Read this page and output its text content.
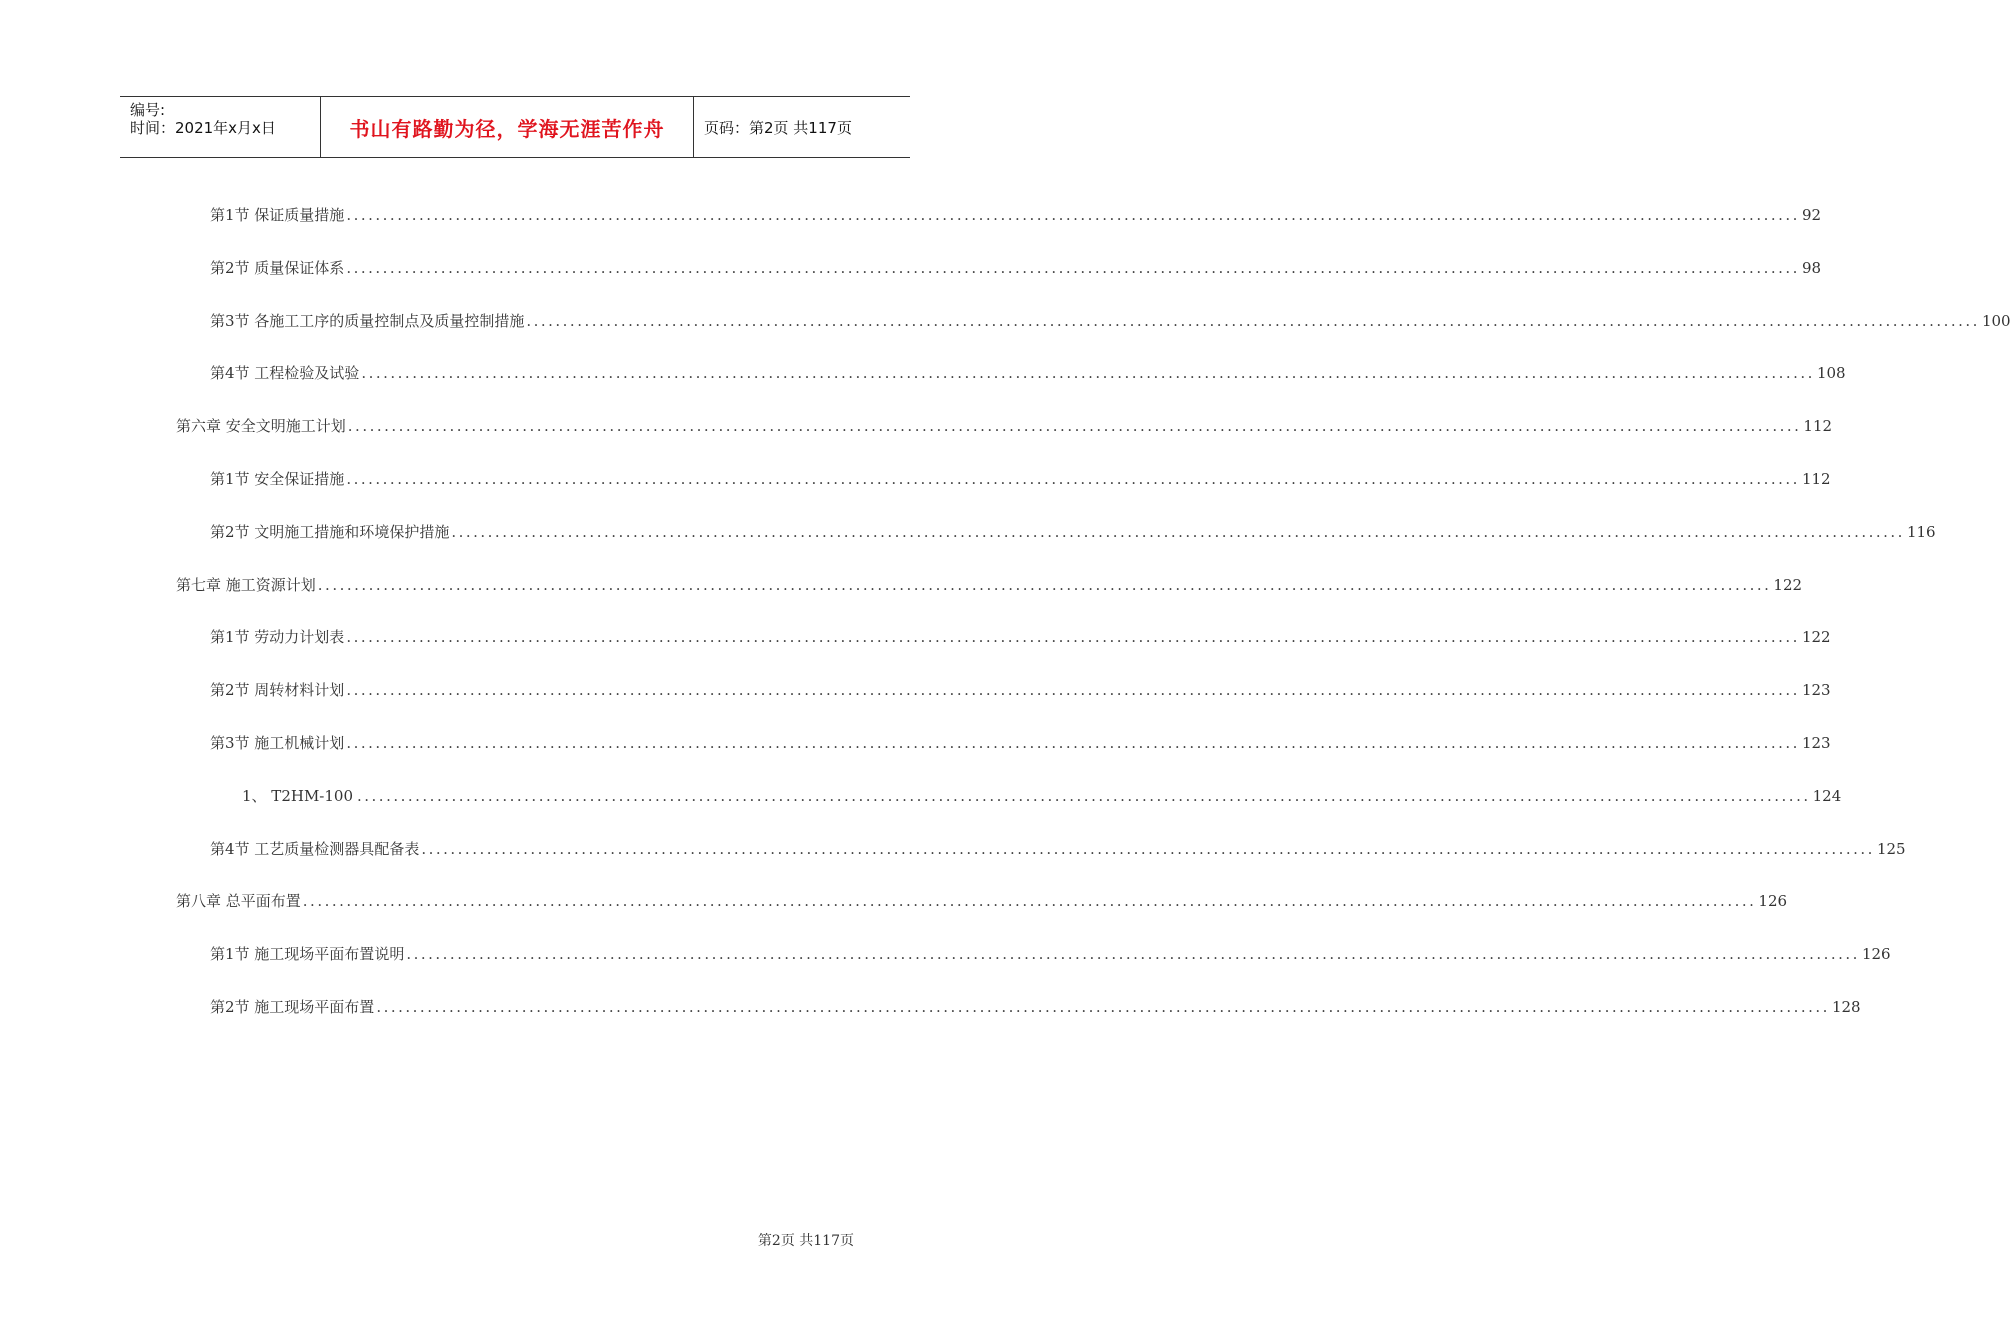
编号:
时间：2021年x月x日	书山有路勤为径，学海无涯苦作舟	页码：第2页 共117页
第1节 保证质量措施 ........................................................................................................................................................................................................ 92
第2节 质量保证体系 ........................................................................................................................................................................................................ 98
第3节 各施工工序的质量控制点及质量控制措施 ........................................................................................................................................................................................................ 100
第4节 工程检验及试验 ........................................................................................................................................................................................................ 108
第六章 安全文明施工计划 ........................................................................................................................................................................................................ 112
第1节 安全保证措施 ........................................................................................................................................................................................................ 112
第2节 文明施工措施和环境保护措施 ........................................................................................................................................................................................................ 116
第七章 施工资源计划 ........................................................................................................................................................................................................ 122
第1节 劳动力计划表 ........................................................................................................................................................................................................ 122
第2节 周转材料计划 ........................................................................................................................................................................................................ 123
第3节 施工机械计划 ........................................................................................................................................................................................................ 123
1、 T2HM-100 ........................................................................................................................................................................................................ 124
第4节 工艺质量检测器具配备表 ........................................................................................................................................................................................................ 125
第八章 总平面布置 ........................................................................................................................................................................................................ 126
第1节 施工现场平面布置说明 ........................................................................................................................................................................................................ 126
第2节 施工现场平面布置 ........................................................................................................................................................................................................ 128
第2页 共117页
